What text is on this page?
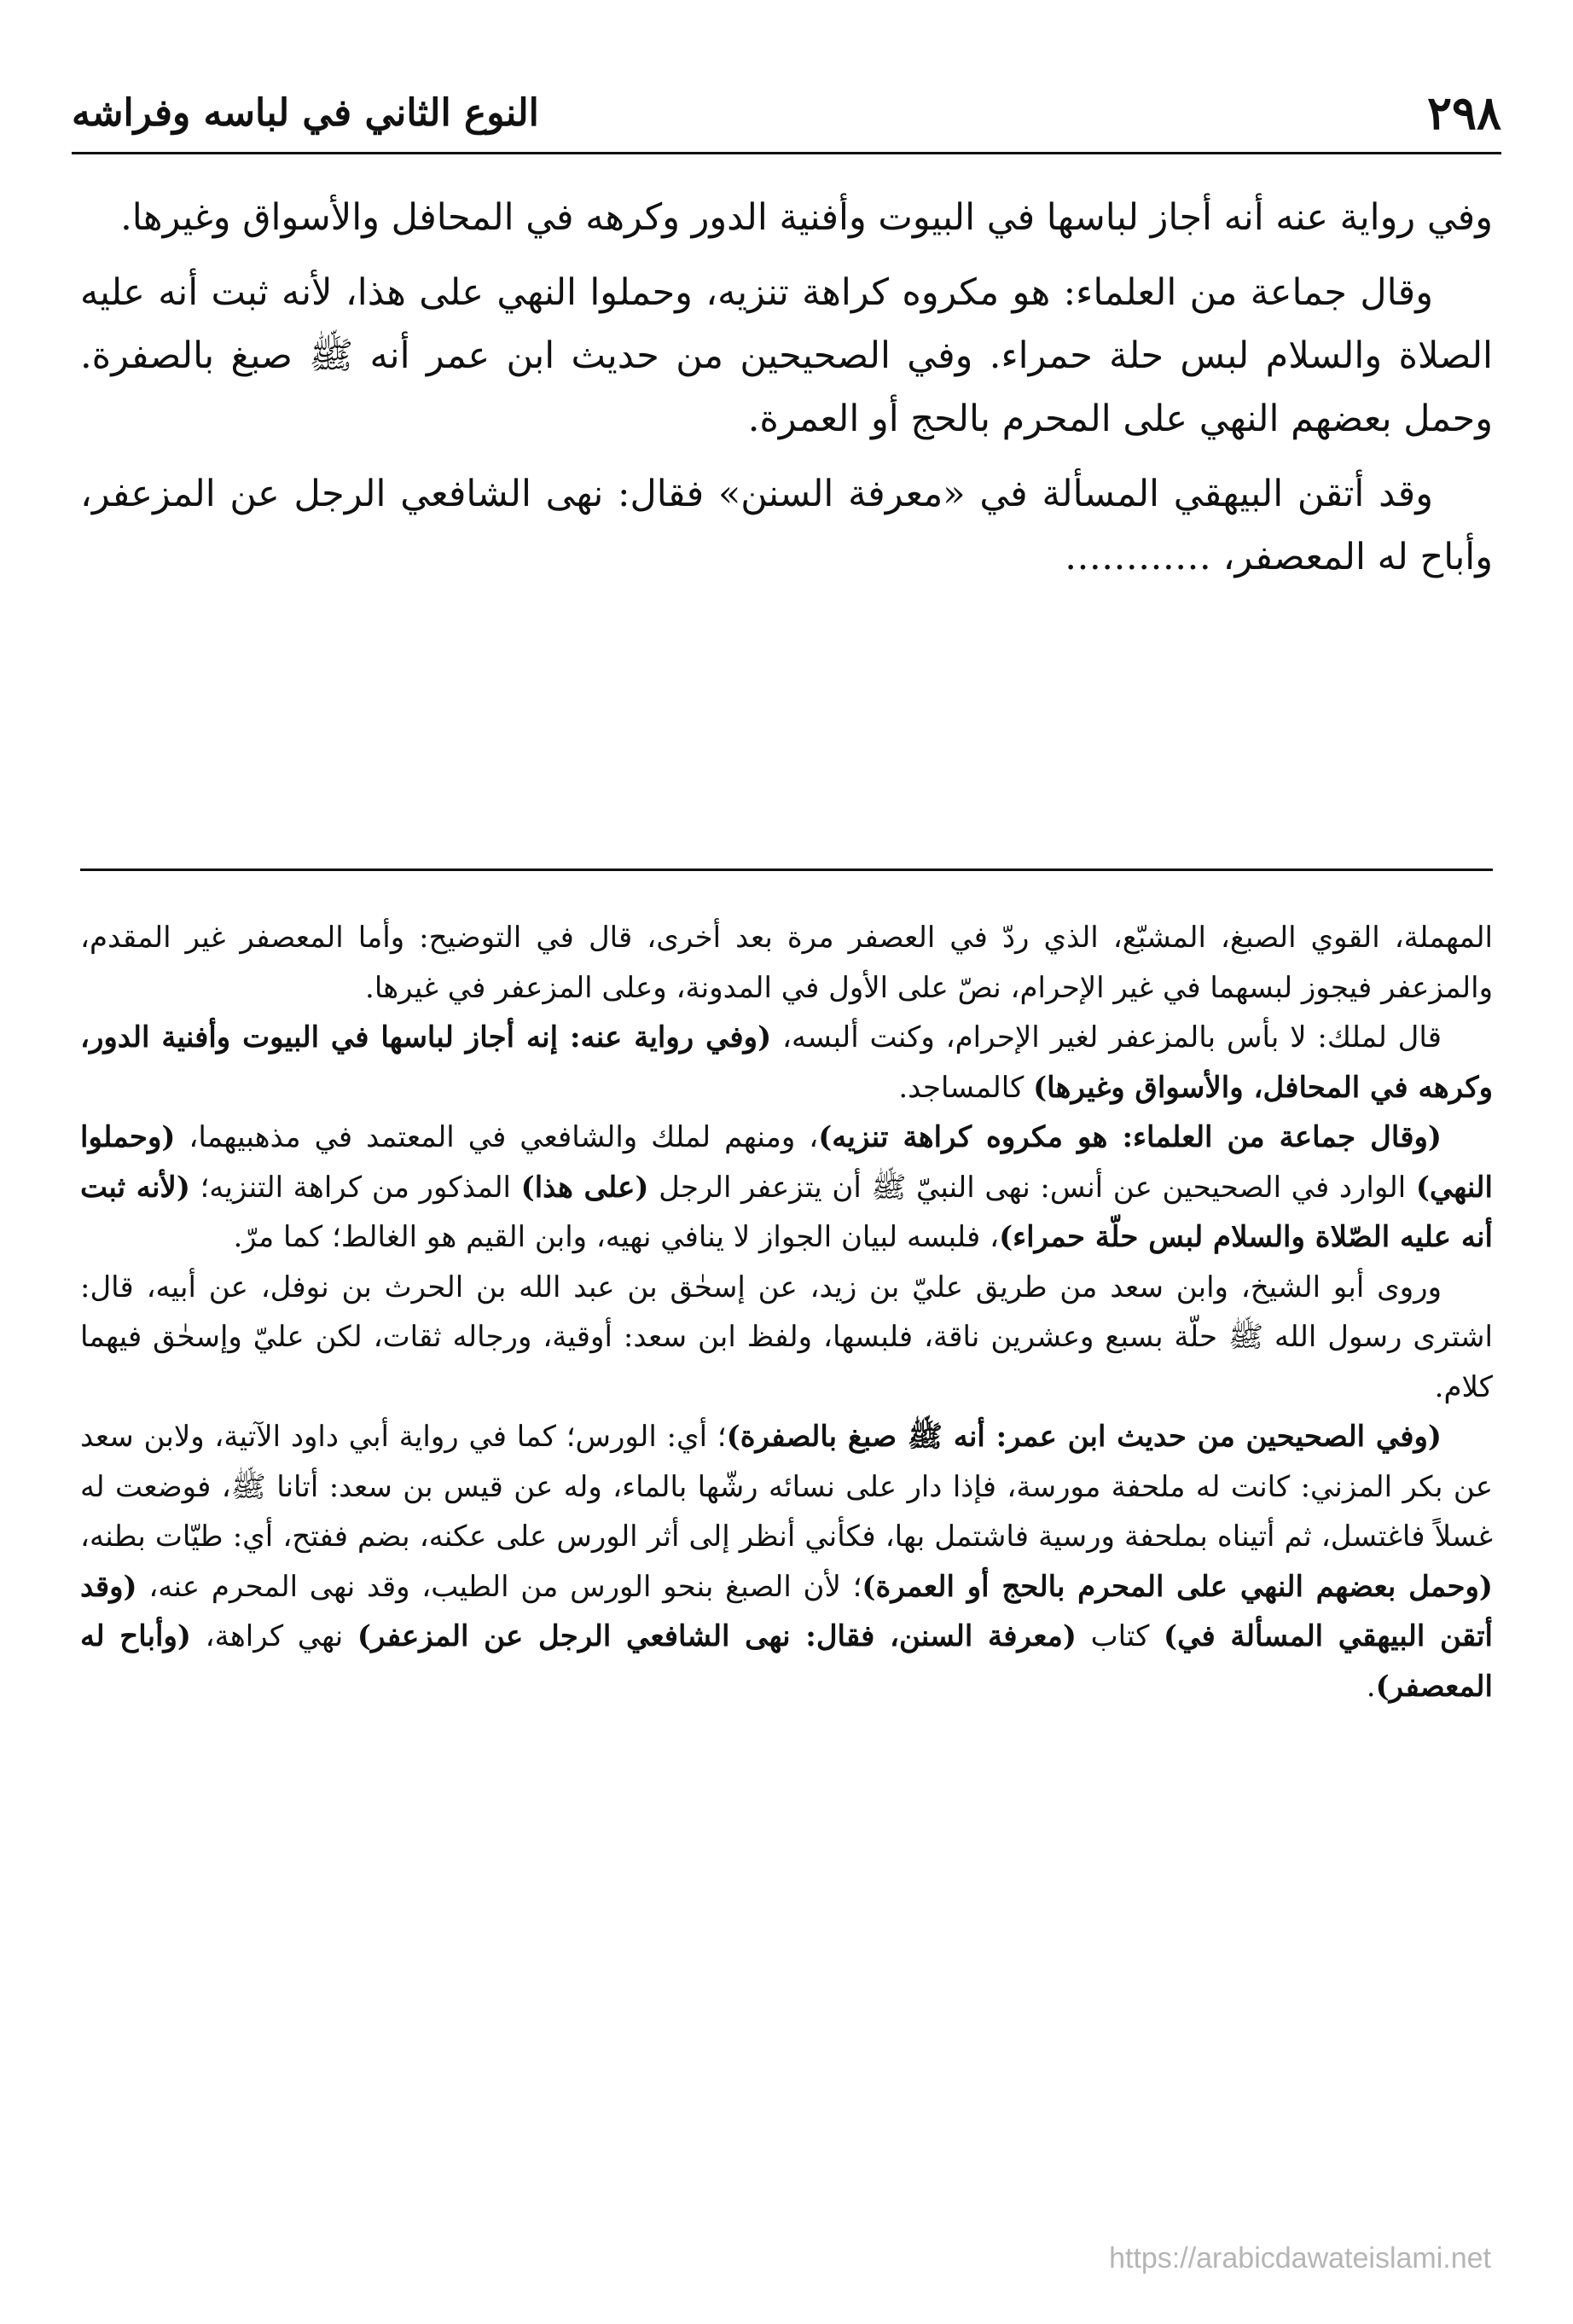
٢٩٨
النوع الثاني في لباسه وفراشه

وفي رواية عنه أنه أجاز لباسها في البيوت وأفنية الدور وكرهه في المحافل والأسواق وغيرها.

وقال جماعة من العلماء: هو مكروه كراهة تنزيه، وحملوا النهي على هذا، لأنه ثبت أنه عليه الصلاة والسلام لبس حلة حمراء. وفي الصحيحين من حديث ابن عمر أنه ﷺ صبغ بالصفرة. وحمل بعضهم النهي على المحرم بالحج أو العمرة.

وقد أتقن البيهقي المسألة في «معرفة السنن» فقال: نهى الشافعي الرجل عن المزعفر، وأباح له المعصفر، …………

المهملة، القوي الصبغ، المشبّع، الذي ردّ في العصفر مرة بعد أخرى، قال في التوضيح: وأما المعصفر غير المقدم، والمزعفر فيجوز لبسهما في غير الإحرام، نصّ على الأول في المدونة، وعلى المزعفر في غيرها.

قال لملك: لا بأس بالمزعفر لغير الإحرام، وكنت ألبسه، (وفي رواية عنه: إنه أجاز لباسها في البيوت وأفنية الدور، وكرهه في المحافل، والأسواق وغيرها) كالمساجد.

(وقال جماعة من العلماء: هو مكروه كراهة تنزيه)، ومنهم لملك والشافعي في المعتمد في مذهبيهما، (وحملوا النهي) الوارد في الصحيحين عن أنس: نهى النبيّ ﷺ أن يتزعفر الرجل (على هذا) المذكور من كراهة التنزيه؛ (لأنه ثبت أنه عليه الصّلاة والسلام لبس حلّة حمراء)، فلبسه لبيان الجواز لا ينافي نهيه، وابن القيم هو الغالط؛ كما مرّ.

وروى أبو الشيخ، وابن سعد من طريق عليّ بن زيد، عن إسحٰق بن عبد الله بن الحرث بن نوفل، عن أبيه، قال: اشترى رسول الله ﷺ حلّة بسبع وعشرين ناقة، فلبسها، ولفظ ابن سعد: أوقية، ورجاله ثقات، لكن عليّ وإسحٰق فيهما كلام.

(وفي الصحيحين من حديث ابن عمر: أنه ﷺ صبغ بالصفرة)؛ أي: الورس؛ كما في رواية أبي داود الآتية، ولابن سعد عن بكر المزني: كانت له ملحفة مورسة، فإذا دار على نسائه رشّها بالماء، وله عن قيس بن سعد: أتانا ﷺ، فوضعت له غسلاً فاغتسل، ثم أتيناه بملحفة ورسية فاشتمل بها، فكأني أنظر إلى أثر الورس على عكنه، بضم ففتح، أي: طيّات بطنه، (وحمل بعضهم النهي على المحرم بالحج أو العمرة)؛ لأن الصبغ بنحو الورس من الطيب، وقد نهى المحرم عنه، (وقد أتقن البيهقي المسألة في) كتاب (معرفة السنن، فقال: نهى الشافعي الرجل عن المزعفر) نهي كراهة، (وأباح له المعصفر).

https://arabicdawateislami.net
